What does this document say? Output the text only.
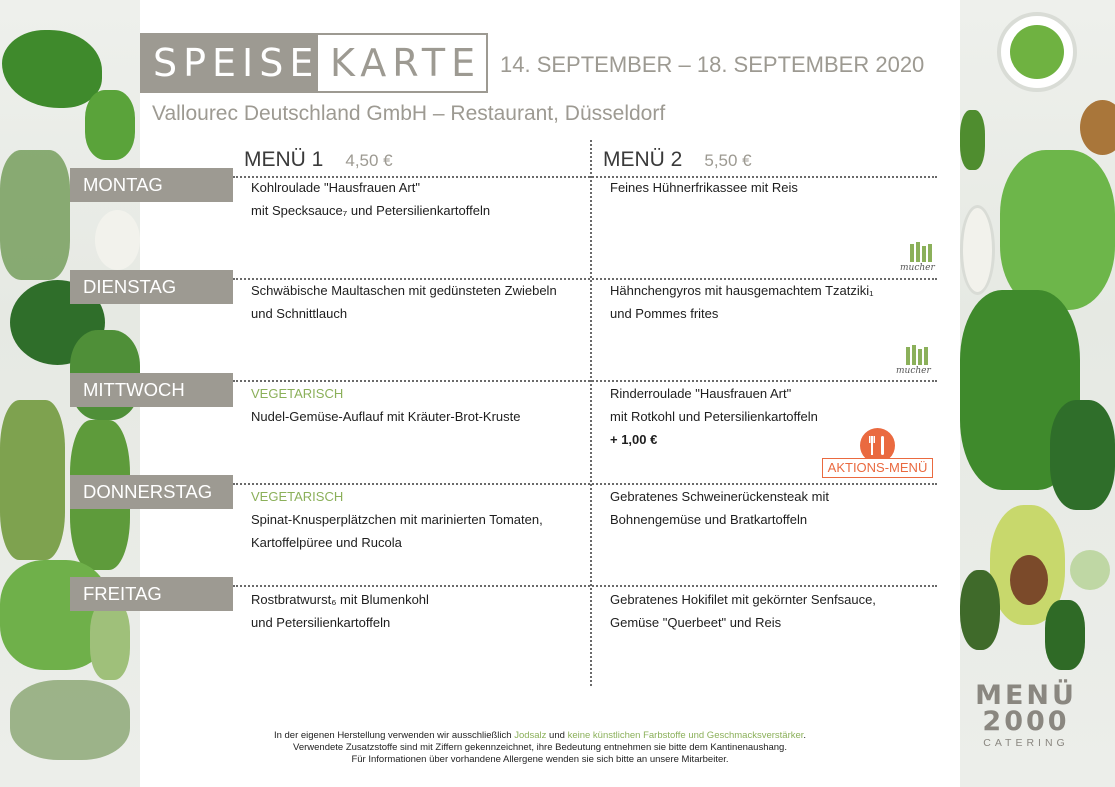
SPEISE KARTE 14. SEPTEMBER – 18. SEPTEMBER 2020
Vallourec Deutschland GmbH – Restaurant, Düsseldorf
MENÜ 1 4,50 €	MENÜ 2 5,50 €
MONTAG
DIENSTAG
MITTWOCH
DONNERSTAG
FREITAG
Kohlroulade "Hausfrauen Art"
mit Specksauce₇ und Petersilienkartoffeln
Feines Hühnerfrikassee mit Reis
Schwäbische Maultaschen mit gedünsteten Zwiebeln
und Schnittlauch
Hähnchengyros mit hausgemachtem Tzatziki₁
und Pommes frites
VEGETARISCH
Nudel-Gemüse-Auflauf mit Kräuter-Brot-Kruste
Rinderroulade "Hausfrauen Art"
mit Rotkohl und Petersilienkartoffeln
+ 1,00 €
VEGETARISCH
Spinat-Knusperplätzchen mit marinierten Tomaten,
Kartoffelpüree und Rucola
Gebratenes Schweinerückensteak mit
Bohnengemüse und Bratkartoffeln
Rostbratwurst₆ mit Blumenkohl
und Petersilienkartoffeln
Gebratenes Hokifilet mit gekörnter Senfsauce,
Gemüse "Querbeet" und Reis
mucher
mucher
AKTIONS-MENÜ
In der eigenen Herstellung verwenden wir ausschließlich Jodsalz und keine künstlichen Farbstoffe und Geschmacksverstärker.
Verwendete Zusatzstoffe sind mit Ziffern gekennzeichnet, ihre Bedeutung entnehmen sie bitte dem Kantinenaushang.
Für Informationen über vorhandene Allergene wenden sie sich bitte an unsere Mitarbeiter.
MENÜ
2000
CATERING
